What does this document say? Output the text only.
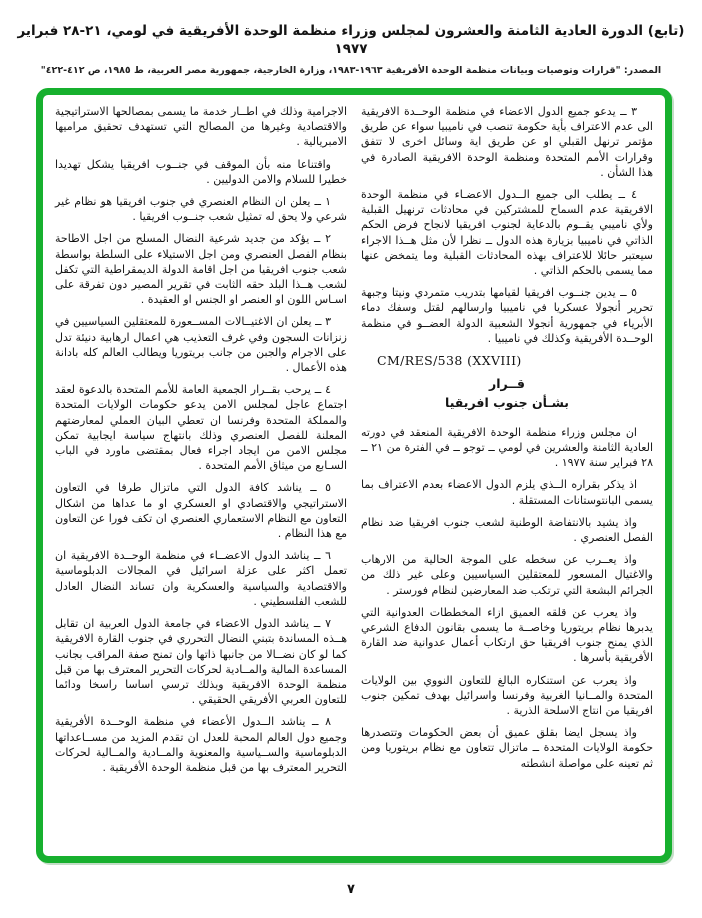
(تابع) الدورة العادية الثامنة والعشرون لمجلس وزراء منظمة الوحدة الأفريقية في لومي، ٢١-٢٨ فبراير ١٩٧٧
المصدر: "قرارات وتوصيات وبيانات منظمة الوحدة الأفريقية ١٩٦٣-١٩٨٣، وزارة الخارجية، جمهورية مصر العربية، ط ١٩٨٥، ص ٤١٢-٤٢٢"

الاجرامية وذلك في اطــار خدمة ما يسمى بمصالحها الاستراتيجية والاقتصادية وغيرها من المصالح التي تستهدف تحقيق مراميها الامبريالية .

واقتناعا منه بأن الموقف في جنــوب افريقيا يشكل تهديدا خطيرا للسلام والامن الدوليين .

١ ــ يعلن ان النظام العنصري في جنوب افريقيا هو نظام غير شرعي ولا يحق له تمثيل شعب جنــوب افريقيا .

٢ ــ يؤكد من جديد شرعية النضال المسلح من اجل الاطاحة بنظام الفصل العنصري ومن اجل الاستيلاء على السلطة بواسطة شعب جنوب افريقيا من اجل اقامة الدولة الديمقراطية التي تكفل لشعب هــذا البلد حقه الثابت في تقرير المصير دون تفرقة على اسـاس اللون او العنصر او الجنس او العقيدة .

٣ ــ يعلن ان الاغتيــالات المســعورة للمعتقلين السياسيين في زنزانات السجون وفي غرف التعذيب هي اعمال ارهابية دنيئة تدل على الاجرام والجبن من جانب بريتوريا ويطالب العالم كله بادانة هذه الأعمال .

٤ ــ يرحب بقــرار الجمعية العامة للأمم المتحدة بالدعوة لعقد اجتماع عاجل لمجلس الامن يدعو حكومات الولايات المتحدة والمملكة المتحدة وفرنسا ان تعطي البيان العملي لمعارضتهم المعلنة للفصل العنصري وذلك بانتهاج سياسة ايجابية تمكن مجلس الامن من ايجاد اجراء فعال بمقتضى ماورد في الباب السـابع من ميثاق الأمم المتحدة .

٥ ــ يناشد كافة الدول التي ماتزال طرفا في التعاون الاستراتيجي والاقتصادي او العسكري او ما عداها من اشكال التعاون مع النظام الاستعماري العنصري ان تكف فورا عن التعاون مع هذا النظام .

٦ ــ يناشد الدول الاعضــاء في منظمة الوحــدة الافريقية ان تعمل اكثر على عزلة اسرائيل في المجالات الدبلوماسية والاقتصادية والسياسية والعسكرية وان تساند النضال العادل للشعب الفلسطيني .

٧ ــ يناشد الدول الاعضاء في جامعة الدول العربية ان تقابل هــذه المساندة بتبني النضال التحرري في جنوب القارة الافريقية كما لو كان نضــالا من جانبها ذاتها وان تمنح صفة المراقب بجانب المساعدة المالية والمــادية لحركات التحرير المعترف بها من قبل منظمة الوحدة الافريقية وبذلك ترسي اساسا راسخا ودائما للتعاون العربي الأفريقي الحقيقي .

٨ ــ يناشد الــدول الأعضاء في منظمة الوحــدة الأفريقية وجميع دول العالم المحبة للعدل ان تقدم المزيد من مســاعداتها الدبلوماسية والســياسية والمعنوية والمــادية والمــالية لحركات التحرير المعترف بها من قبل منظمة الوحدة الأفريقية .

٣ ــ يدعو جميع الدول الاعضاء في منظمة الوحــدة الافريقية الى عدم الاعتراف بأية حكومة تنصب في ناميبيا سواء عن طريق مؤتمر ترنهل القبلي او عن طريق اية وسائل اخرى لا تتفق وقرارات الأمم المتحدة ومنظمة الوحدة الافريقية الصادرة في هذا الشأن .

٤ ــ يطلب الى جميع الــدول الاعضـاء في منظمة الوحدة الافريقية عدم السماح للمشتركين في محادثات ترنهيل القبلية ولأي ناميبي يقــوم بالدعاية لجنوب افريقيا لانجاح فرض الحكم الذاتي في ناميبيا بزيارة هذه الدول ــ نظرا لأن مثل هــذا الاجراء سيعتبر حائلا للاعتراف بهذه المحادثات القبلية وما يتمخض عنها مما يسمى بالحكم الذاتي .

٥ ــ يدين جنــوب افريقيا لقيامها بتدريب متمردي ونيتا وجبهة تحرير أنجولا عسكريا في ناميبيا وارسالهم لقتل وسفك دماء الأبرياء في جمهورية أنجولا الشعبية الدولة العضــو في منظمة الوحــدة الأفريقية وكذلك في ناميبيا .

CM/RES/538 (XXVIII)

قــرار
بشـأن جنوب افريقيا

ان مجلس وزراء منظمة الوحدة الافريقية المنعقد في دورته العادية الثامنة والعشرين في لومي ــ توجو ــ في الفترة من ٢١ ــ ٢٨ فبراير سنة ١٩٧٧ .

اذ يذكر بقراره الــذي يلزم الدول الاعضاء بعدم الاعتراف بما يسمى البانتوستانات المستقلة .

واذ يشيد بالانتفاضة الوطنية لشعب جنوب افريقيا ضد نظام الفصل العنصري .

واذ يعــرب عن سخطه على الموجة الحالية من الارهاب والاغتيال المسعور للمعتقلين السياسيين وعلى غير ذلك من الجرائم البشعة التي ترتكب ضد المعارضين لنظام فورستر .

واذ يعرب عن قلقه العميق ازاء المخططات العدوانية التي يدبرها نظام بريتوريا وخاصــة ما يسمى بقانون الدفاع الشرعي الذي يمنح جنوب افريقيا حق ارتكاب أعمال عدوانية ضد القارة الأفريقية بأسرها .

واذ يعرب عن استنكاره البالغ للتعاون النووي بين الولايات المتحدة والمــانيا الغربية وفرنسا واسرائيل بهدف تمكين جنوب افريقيا من انتاج الاسلحة الذرية .

واذ يسجل ايضا بقلق عميق أن بعض الحكومات وتتصدرها حكومة الولايات المتحدة ــ ماتزال تتعاون مع نظام بريتوريا ومن ثم تعينه على مواصلة انشطته

٧
